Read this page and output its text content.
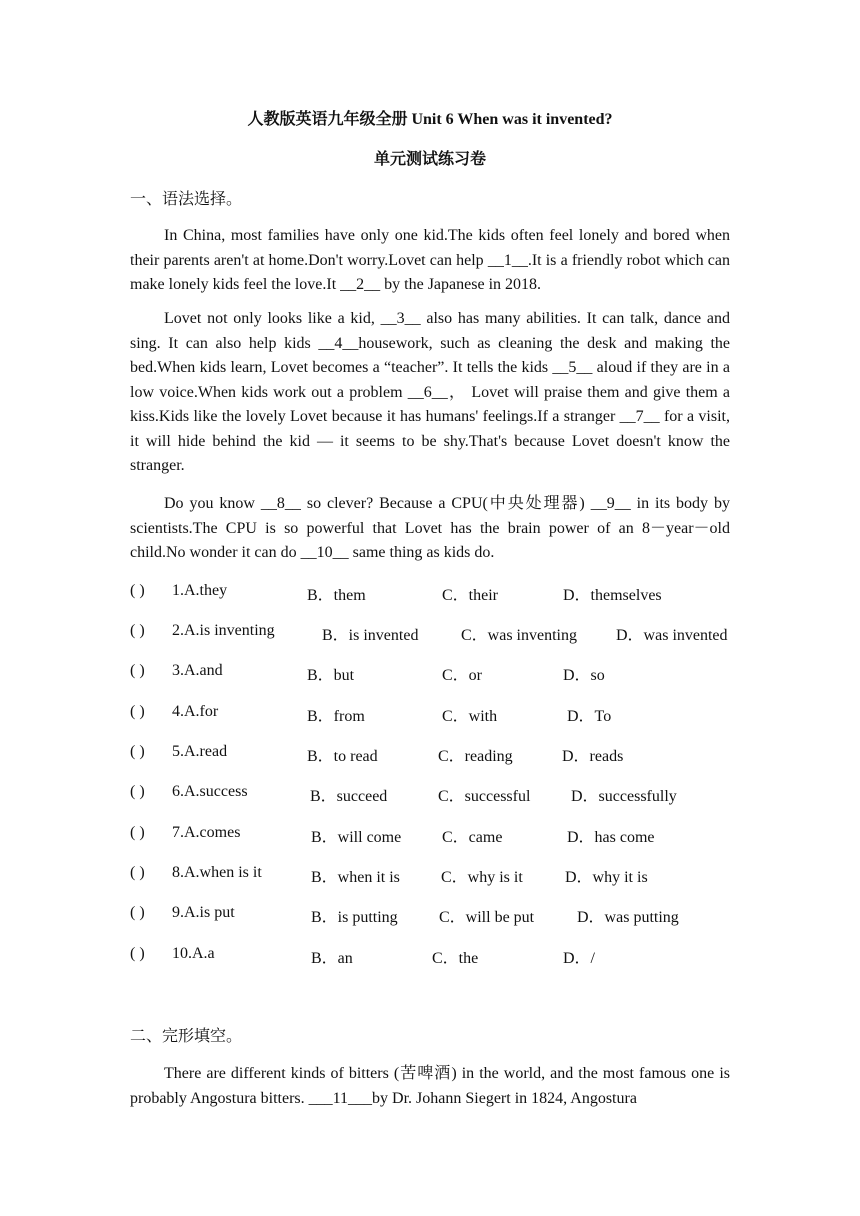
人教版英语九年级全册 Unit 6 When was it invented?
单元测试练习卷
一、语法选择。

In China, most families have only one kid.The kids often feel lonely and bored when their parents aren't at home.Don't worry.Lovet can help __1__.It is a friendly robot which can make lonely kids feel the love.It __2__ by the Japanese in 2018.

Lovet not only looks like a kid, __3__ also has many abilities. It can talk, dance and sing. It can also help kids __4__housework, such as cleaning the desk and making the bed.When kids learn, Lovet becomes a “teacher”. It tells the kids __5__ aloud if they are in a low voice.When kids work out a problem __6__， Lovet will praise them and give them a kiss.Kids like the lovely Lovet because it has humans' feelings.If a stranger __7__ for a visit, it will hide behind the kid — it seems to be shy.That's because Lovet doesn't know the stranger.

Do you know __8__ so clever? Because a CPU(中央处理器) __9__ in its body by scientists.The CPU is so powerful that Lovet has the brain power of an 8－year－old child.No wonder it can do __10__ same thing as kids do.

( ) 1.A.they	B．them	C．their	D．themselves
( ) 2.A.is inventing	B．is invented	C．was inventing D．was invented
( ) 3.A.and	B．but	C．or	D．so
( ) 4.A.for	B．from	C．with	D．To
( ) 5.A.read	B．to read	C．reading	D．reads
( ) 6.A.success	B．succeed	C．successful	D．successfully
( ) 7.A.comes	B．will come	C．came	D．has come
( ) 8.A.when is it	B．when it is	C．why is it	D．why it is
( ) 9.A.is put	B．is putting	C．will be put	D．was putting
( ) 10.A.a	B．an	C．the	D．/
二、完形填空。

There are different kinds of bitters (苦啤酒) in the world, and the most famous one is probably Angostura bitters. ___11___by Dr. Johann Siegert in 1824, Angostura
